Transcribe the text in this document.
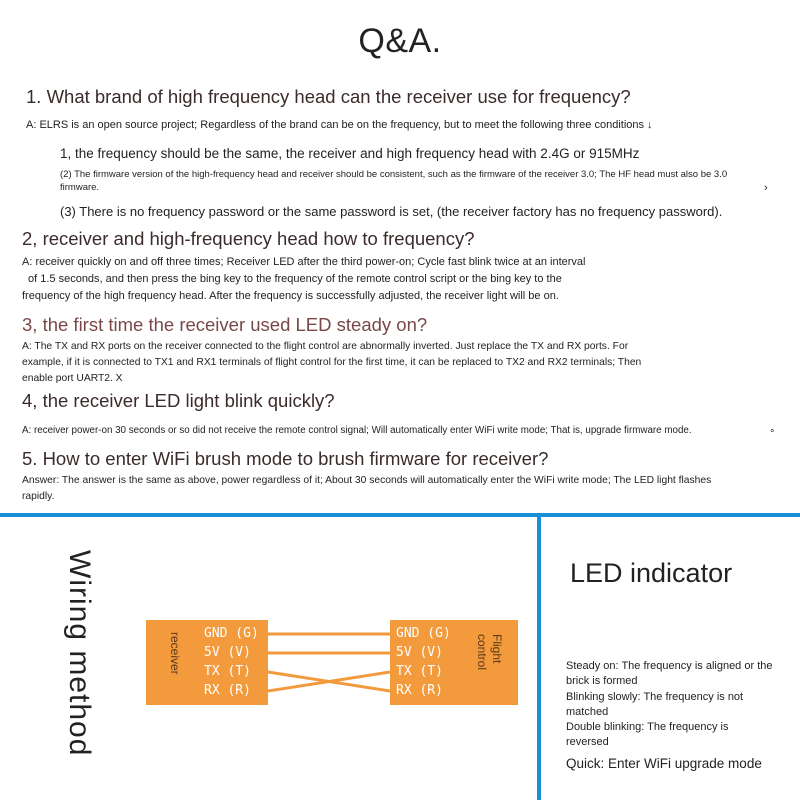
Q&A.
1. What brand of high frequency head can the receiver use for frequency?
A: ELRS is an open source project; Regardless of the brand can be on the frequency, but to meet the following three conditions ↓
1, the frequency should be the same, the receiver and high frequency head with 2.4G or 915MHz
(2) The firmware version of the high-frequency head and receiver should be consistent, such as the firmware of the receiver 3.0; The HF head must also be 3.0 firmware.	›
(3) There is no frequency password or the same password is set, (the receiver factory has no frequency password).
2, receiver and high-frequency head how to frequency?
A: receiver quickly on and off three times; Receiver LED after the third power-on; Cycle fast blink twice at an interval
of 1.5 seconds, and then press the bing key to the frequency of the remote control script or the bing key to the
frequency of the high frequency head. After the frequency is successfully adjusted, the receiver light will be on.
3, the first time the receiver used LED steady on?
A: The TX and RX ports on the receiver connected to the flight control are abnormally inverted. Just replace the TX and RX ports. For
example, if it is connected to TX1 and RX1 terminals of flight control for the first time, it can be replaced to TX2 and RX2 terminals; Then
enable port UART2. X
4, the receiver LED light blink quickly?
A: receiver power-on 30 seconds or so did not receive the remote control signal; Will automatically enter WiFi write mode; That is, upgrade firmware mode.	°
5. How to enter WiFi brush mode to brush firmware for receiver?
Answer: The answer is the same as above, power regardless of it; About 30 seconds will automatically enter the WiFi write mode; The LED light flashes
rapidly.
Wiring method	receiver GND (G)
5V (V)
TX (T)
RX (R)
GND (G)
5V (V)
TX (T)
RX (R)
Flight control
LED indicator
Steady on: The frequency is aligned or the brick is formed
Blinking slowly: The frequency is not matched
Double blinking: The frequency is reversed
Quick: Enter WiFi upgrade mode
